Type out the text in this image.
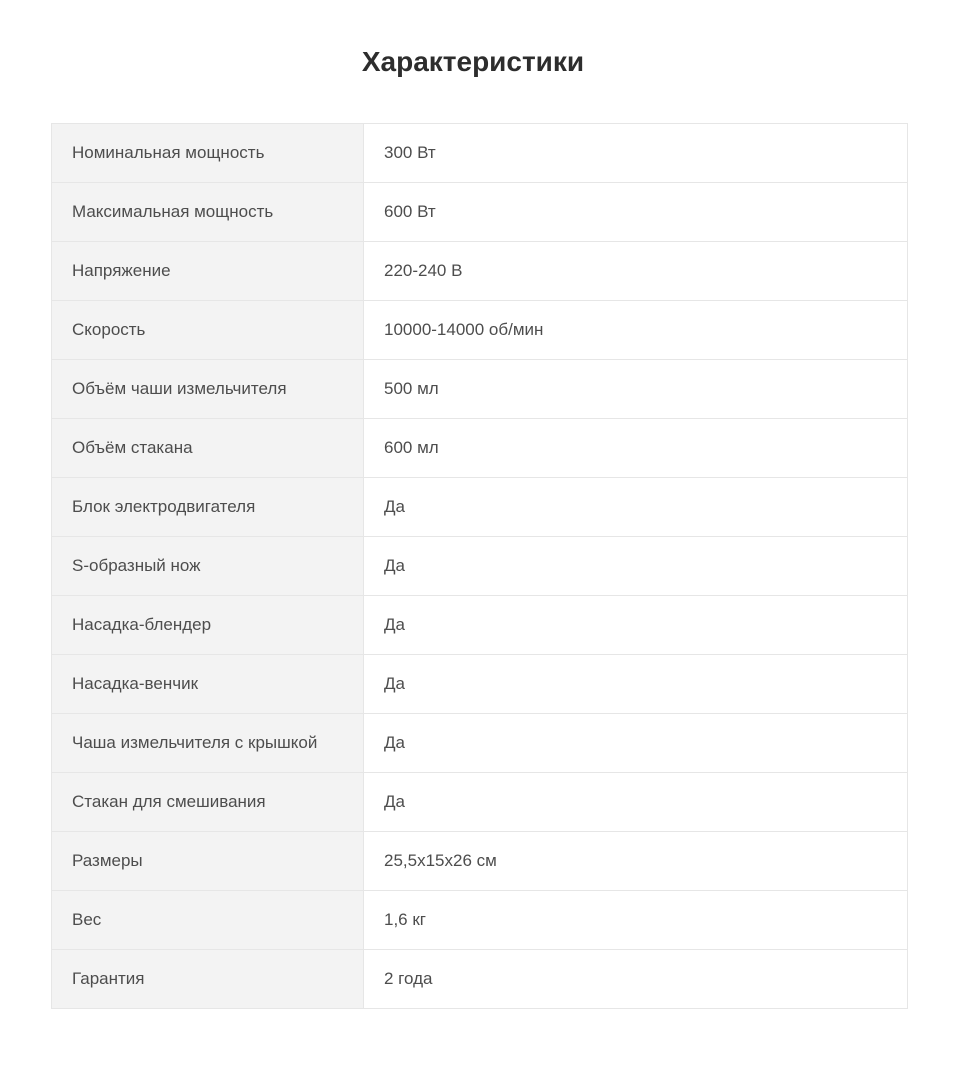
Характеристики
Номинальная мощность	300 Вт
Максимальная мощность	600 Вт
Напряжение	220-240 В
Скорость	10000-14000 об/мин
Объём чаши измельчителя	500 мл
Объём стакана	600 мл
Блок электродвигателя	Да
S-образный нож	Да
Насадка-блендер	Да
Насадка-венчик	Да
Чаша измельчителя с крышкой	Да
Стакан для смешивания	Да
Размеры	25,5x15x26 см
Вес	1,6 кг
Гарантия	2 года
